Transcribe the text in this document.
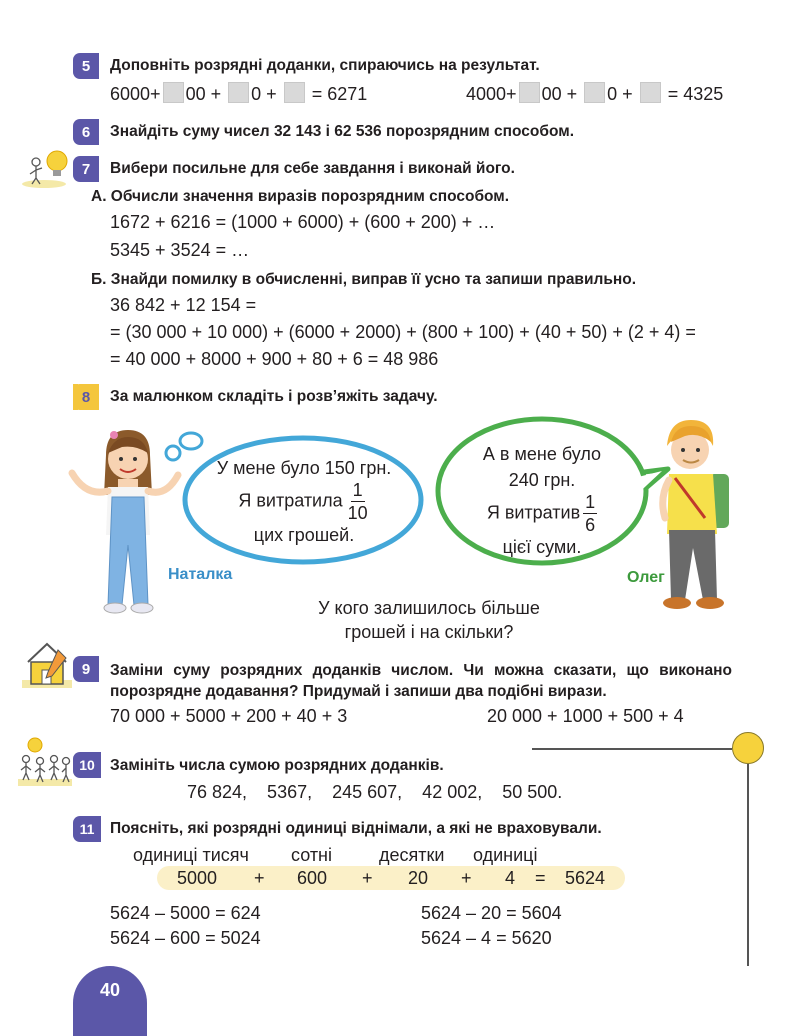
5 Доповніть розрядні доданки, спираючись на результат.
6000+ 00 + 0 + = 6271	4000+ 00 + 0 + = 4325
6 Знайдіть суму чисел 32 143 і 62 536 порозрядним способом.
7 Вибери посильне для себе завдання і виконай його.
А. Обчисли значення виразів порозрядним способом.
1672 + 6216 = (1000 + 6000) + (600 + 200) + …
5345 + 3524 = …
Б. Знайди помилку в обчисленні, виправ її усно та запиши правильно.
36 842 + 12 154 =
= (30 000 + 10 000) + (6000 + 2000) + (800 + 100) + (40 + 50) + (2 + 4) =
= 40 000 + 8000 + 900 + 80 + 6 = 48 986
8 За малюнком складіть і розв’яжіть задачу.
У мене було 150 грн.
Я витратила $\frac{1}{10}$
цих грошей.
А в мене було
240 грн.
Я витратив $\frac{1}{6}$
цієї суми.
Наталка	Олег
У кого залишилось більше
грошей і на скільки?
9 Заміни суму розрядних доданків числом. Чи можна сказати, що виконано
порозрядне додавання? Придумай і запиши два подібні вирази.
70 000 + 5000 + 200 + 40 + 3	20 000 + 1000 + 500 + 4
10 Замініть числа сумою розрядних доданків.
76 824,    5367,    245 607,    42 002,    50 500.
11 Поясніть, які розрядні одиниці віднімали, а які не враховували.
одиниці тисяч сотні	десятки одиниці
5000 + 600 + 20 + 4 = 5624
5624 – 5000 = 624
5624 – 600 = 5024
5624 – 20 = 5604
5624 – 4 = 5620
40
